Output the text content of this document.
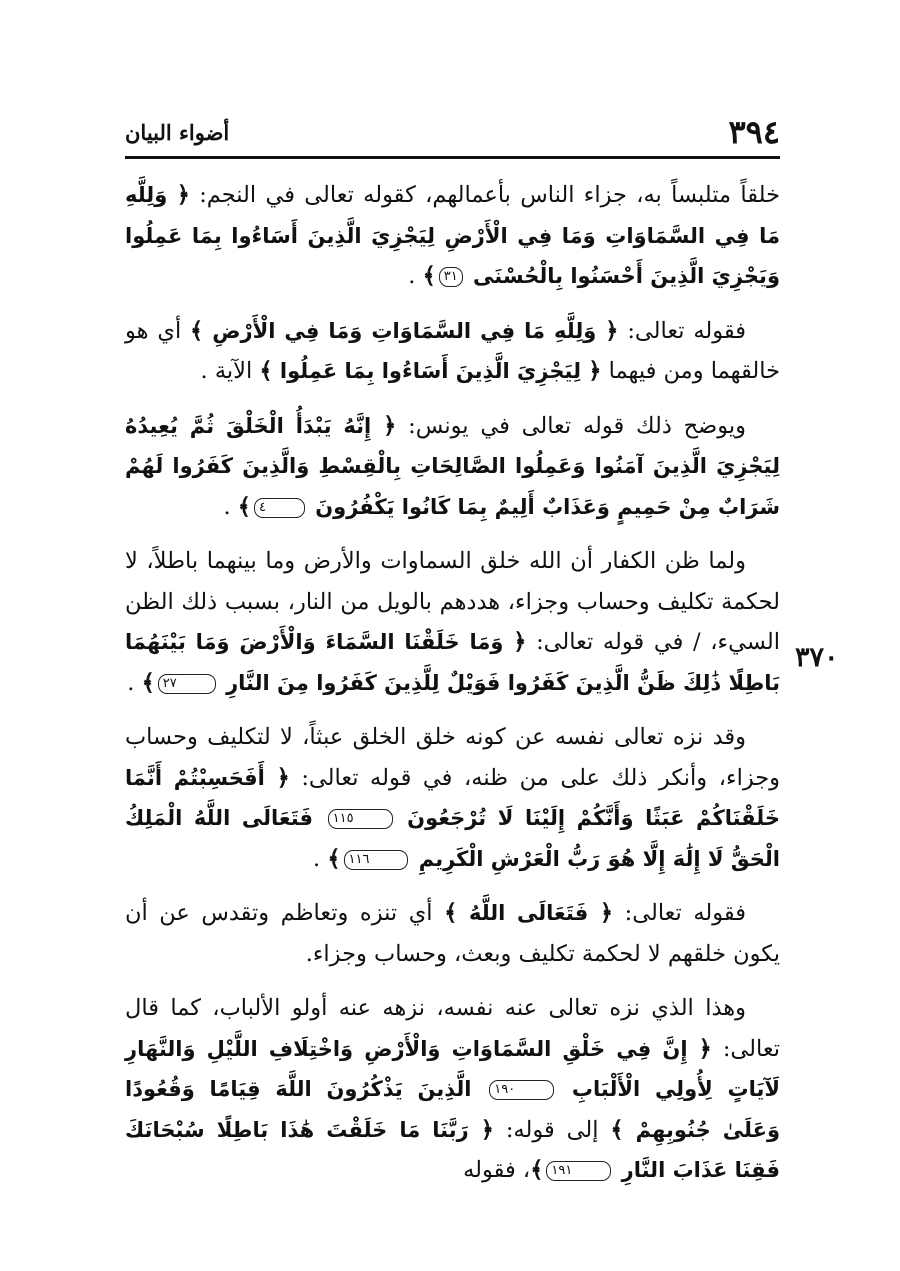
٣٩٤
أضواء البيان
٣٧٠

خلقاً متلبساً به، جزاء الناس بأعمالهم، كقوله تعالى في النجم: ﴿ وَلِلَّهِ مَا فِي السَّمَاوَاتِ وَمَا فِي الْأَرْضِ لِيَجْزِيَ الَّذِينَ أَسَاءُوا بِمَا عَمِلُوا وَيَجْزِيَ الَّذِينَ أَحْسَنُوا بِالْحُسْنَى ٣١﴾ .

فقوله تعالى: ﴿ وَلِلَّهِ مَا فِي السَّمَاوَاتِ وَمَا فِي الْأَرْضِ ﴾ أي هو خالقهما ومن فيهما ﴿ لِيَجْزِيَ الَّذِينَ أَسَاءُوا بِمَا عَمِلُوا ﴾ الآية .

ويوضح ذلك قوله تعالى في يونس: ﴿ إِنَّهُ يَبْدَأُ الْخَلْقَ ثُمَّ يُعِيدُهُ لِيَجْزِيَ الَّذِينَ آمَنُوا وَعَمِلُوا الصَّالِحَاتِ بِالْقِسْطِ وَالَّذِينَ كَفَرُوا لَهُمْ شَرَابٌ مِنْ حَمِيمٍ وَعَذَابٌ أَلِيمٌ بِمَا كَانُوا يَكْفُرُونَ ٤﴾ .

ولما ظن الكفار أن الله خلق السماوات والأرض وما بينهما باطلاً، لا لحكمة تكليف وحساب وجزاء، هددهم بالويل من النار، بسبب ذلك الظن السيء، / في قوله تعالى: ﴿ وَمَا خَلَقْنَا السَّمَاءَ وَالْأَرْضَ وَمَا بَيْنَهُمَا بَاطِلًا ذَٰلِكَ ظَنُّ الَّذِينَ كَفَرُوا فَوَيْلٌ لِلَّذِينَ كَفَرُوا مِنَ النَّارِ ٢٧﴾ .

وقد نزه تعالى نفسه عن كونه خلق الخلق عبثاً، لا لتكليف وحساب وجزاء، وأنكر ذلك على من ظنه، في قوله تعالى: ﴿ أَفَحَسِبْتُمْ أَنَّمَا خَلَقْنَاكُمْ عَبَثًا وَأَنَّكُمْ إِلَيْنَا لَا تُرْجَعُونَ ١١٥ فَتَعَالَى اللَّهُ الْمَلِكُ الْحَقُّ لَا إِلَٰهَ إِلَّا هُوَ رَبُّ الْعَرْشِ الْكَرِيمِ ١١٦﴾ .

فقوله تعالى: ﴿ فَتَعَالَى اللَّهُ ﴾ أي تنزه وتعاظم وتقدس عن أن يكون خلقهم لا لحكمة تكليف وبعث، وحساب وجزاء.

وهذا الذي نزه تعالى عنه نفسه، نزهه عنه أولو الألباب، كما قال تعالى: ﴿ إِنَّ فِي خَلْقِ السَّمَاوَاتِ وَالْأَرْضِ وَاخْتِلَافِ اللَّيْلِ وَالنَّهَارِ لَآيَاتٍ لِأُولِي الْأَلْبَابِ ١٩٠ الَّذِينَ يَذْكُرُونَ اللَّهَ قِيَامًا وَقُعُودًا وَعَلَىٰ جُنُوبِهِمْ ﴾ إلى قوله: ﴿ رَبَّنَا مَا خَلَقْتَ هَٰذَا بَاطِلًا سُبْحَانَكَ فَقِنَا عَذَابَ النَّارِ ١٩١﴾، فقوله
